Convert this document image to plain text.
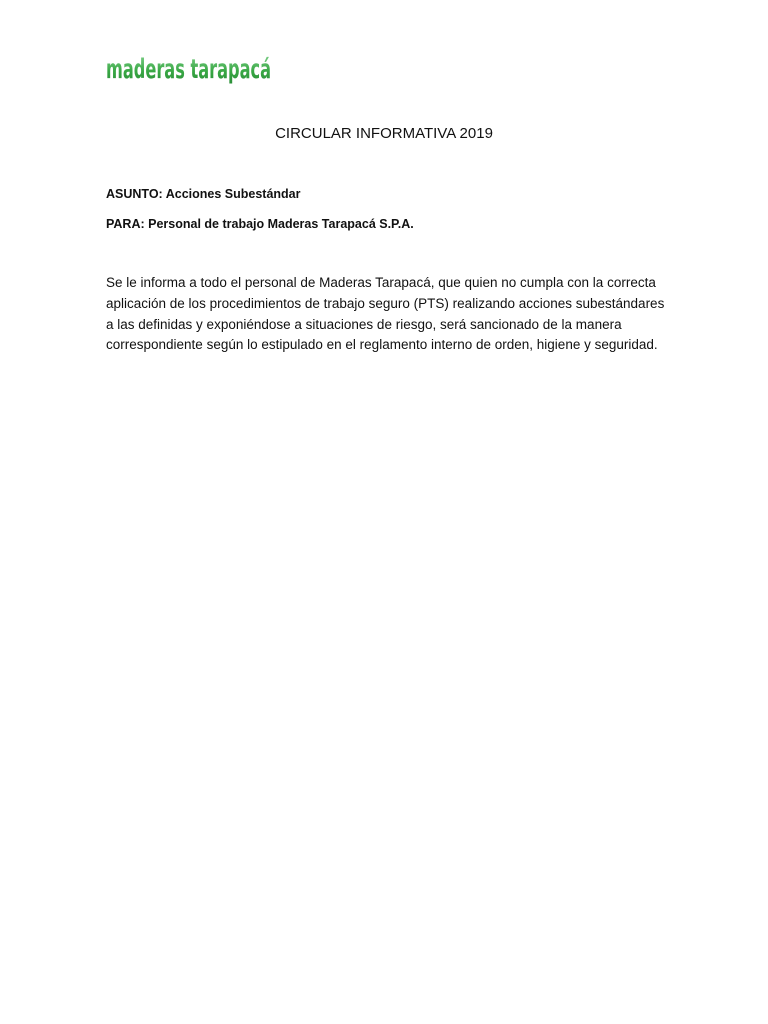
maderas tarapacá
CIRCULAR INFORMATIVA 2019
ASUNTO: Acciones Subestándar
PARA: Personal de trabajo Maderas Tarapacá S.P.A.

Se le informa a todo el personal de Maderas Tarapacá, que quien no cumpla con la correcta aplicación de los procedimientos de trabajo seguro (PTS) realizando acciones subestándares a las definidas y exponiéndose a situaciones de riesgo, será sancionado de la manera correspondiente según lo estipulado en el reglamento interno de orden, higiene y seguridad.
